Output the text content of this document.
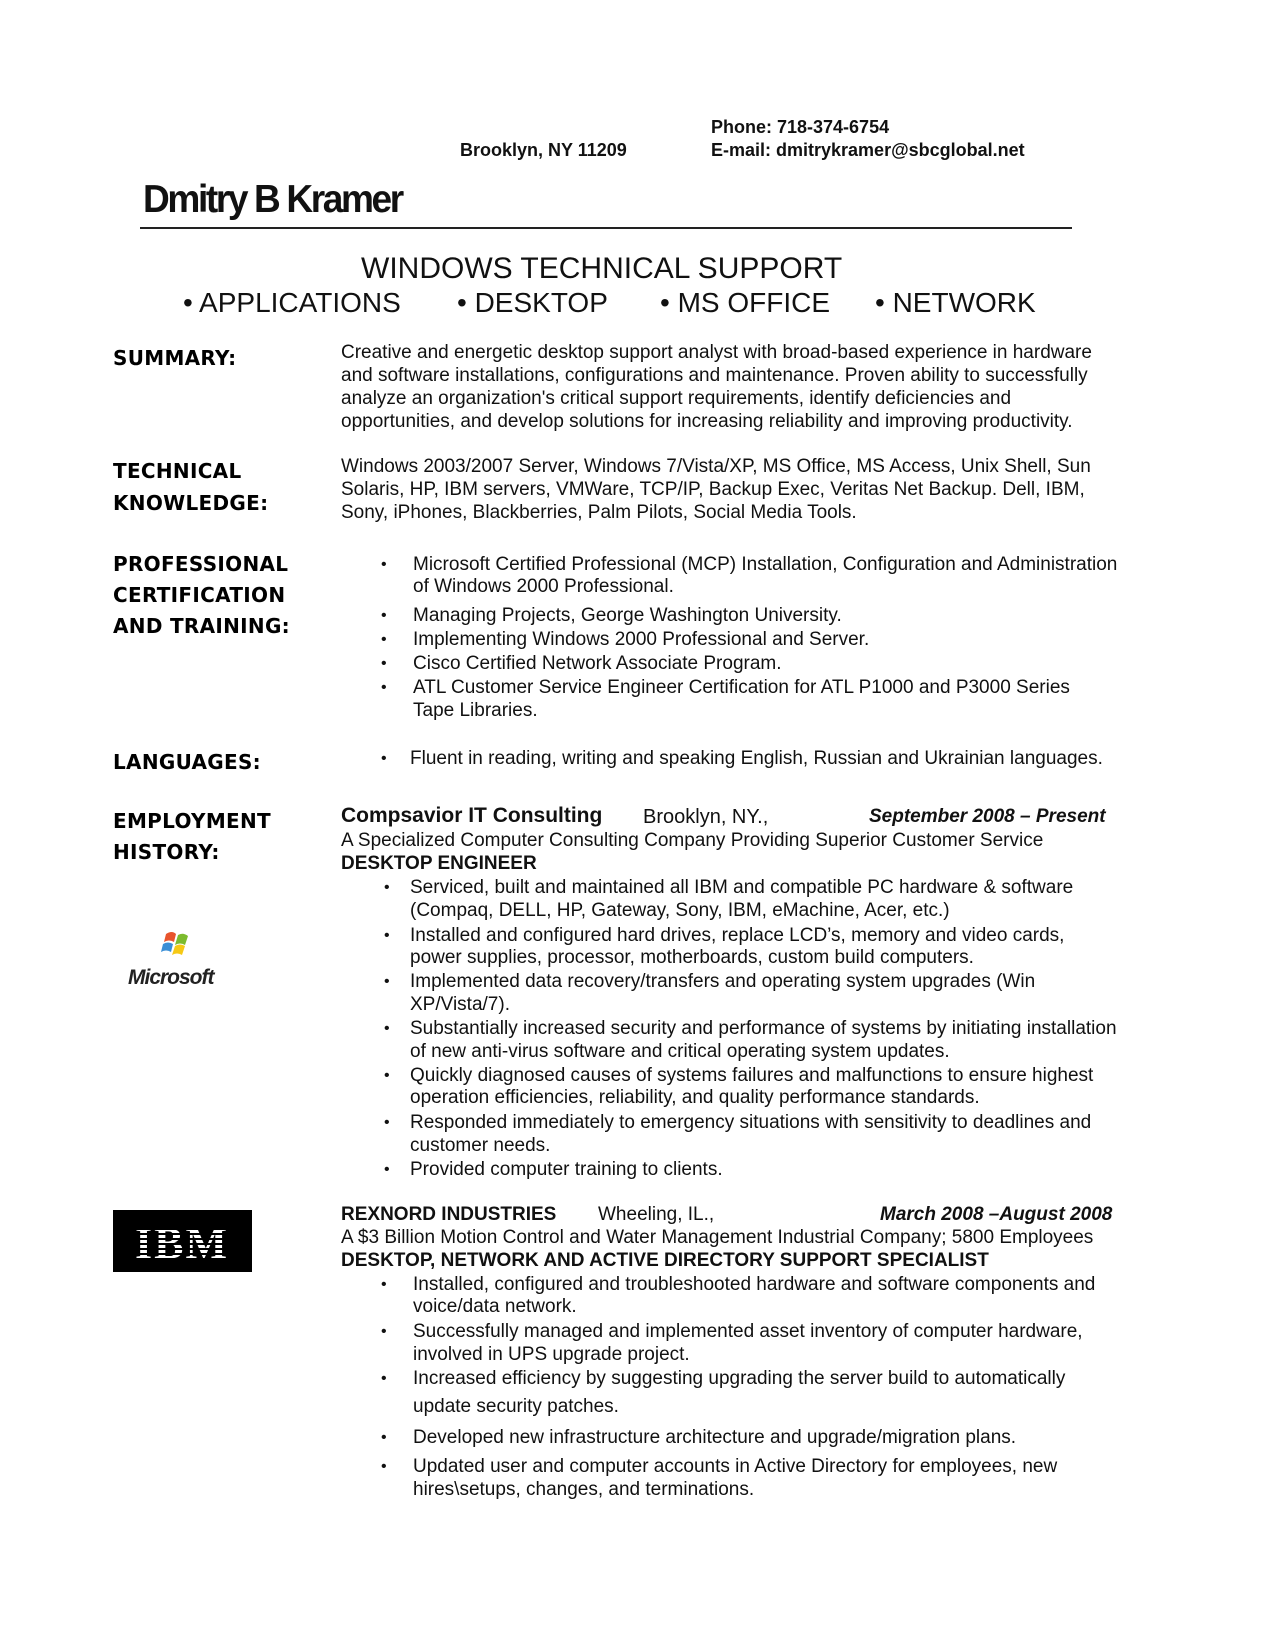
Phone: 718-374-6754
Brooklyn, NY 11209	E-mail: dmitrykramer@sbcglobal.net
Dmitry B Kramer
WINDOWS TECHNICAL SUPPORT
• APPLICATIONS • DESKTOP • MS OFFICE • NETWORK
SUMMARY:	Creative and energetic desktop support analyst with broad-based experience in hardware
and software installations, configurations and maintenance. Proven ability to successfully
analyze an organization's critical support requirements, identify deficiencies and
opportunities, and develop solutions for increasing reliability and improving productivity.
TECHNICAL
KNOWLEDGE:
Windows 2003/2007 Server, Windows 7/Vista/XP, MS Office, MS Access, Unix Shell, Sun
Solaris, HP, IBM servers, VMWare, TCP/IP, Backup Exec, Veritas Net Backup. Dell, IBM,
Sony, iPhones, Blackberries, Palm Pilots, Social Media Tools.
PROFESSIONAL
CERTIFICATION
AND TRAINING:
• Microsoft Certified Professional (MCP) Installation, Configuration and Administration
of Windows 2000 Professional.
• Managing Projects, George Washington University.
• Implementing Windows 2000 Professional and Server.
• Cisco Certified Network Associate Program.
• ATL Customer Service Engineer Certification for ATL P1000 and P3000 Series
Tape Libraries.
LANGUAGES:	• Fluent in reading, writing and speaking English, Russian and Ukrainian languages.
EMPLOYMENT
HISTORY:
Compsavior IT Consulting Brooklyn, NY.,	September 2008 – Present
A Specialized Computer Consulting Company Providing Superior Customer Service
DESKTOP ENGINEER
• Serviced, built and maintained all IBM and compatible PC hardware & software
(Compaq, DELL, HP, Gateway, Sony, IBM, eMachine, Acer, etc.)
• Installed and configured hard drives, replace LCD’s, memory and video cards,
power supplies, processor, motherboards, custom build computers.
• Implemented data recovery/transfers and operating system upgrades (Win
XP/Vista/7).
• Substantially increased security and performance of systems by initiating installation
of new anti-virus software and critical operating system updates.
• Quickly diagnosed causes of systems failures and malfunctions to ensure highest
operation efficiencies, reliability, and quality performance standards.
• Responded immediately to emergency situations with sensitivity to deadlines and
customer needs.
• Provided computer training to clients.
REXNORD INDUSTRIES Wheeling, IL.,	March 2008 –August 2008
A $3 Billion Motion Control and Water Management Industrial Company; 5800 Employees
DESKTOP, NETWORK AND ACTIVE DIRECTORY SUPPORT SPECIALIST
• Installed, configured and troubleshooted hardware and software components and
voice/data network.
• Successfully managed and implemented asset inventory of computer hardware,
involved in UPS upgrade project.
• Increased efficiency by suggesting upgrading the server build to automatically
update security patches.
• Developed new infrastructure architecture and upgrade/migration plans.
• Updated user and computer accounts in Active Directory for employees, new
hires\setups, changes, and terminations.
Microsoft
IBM
